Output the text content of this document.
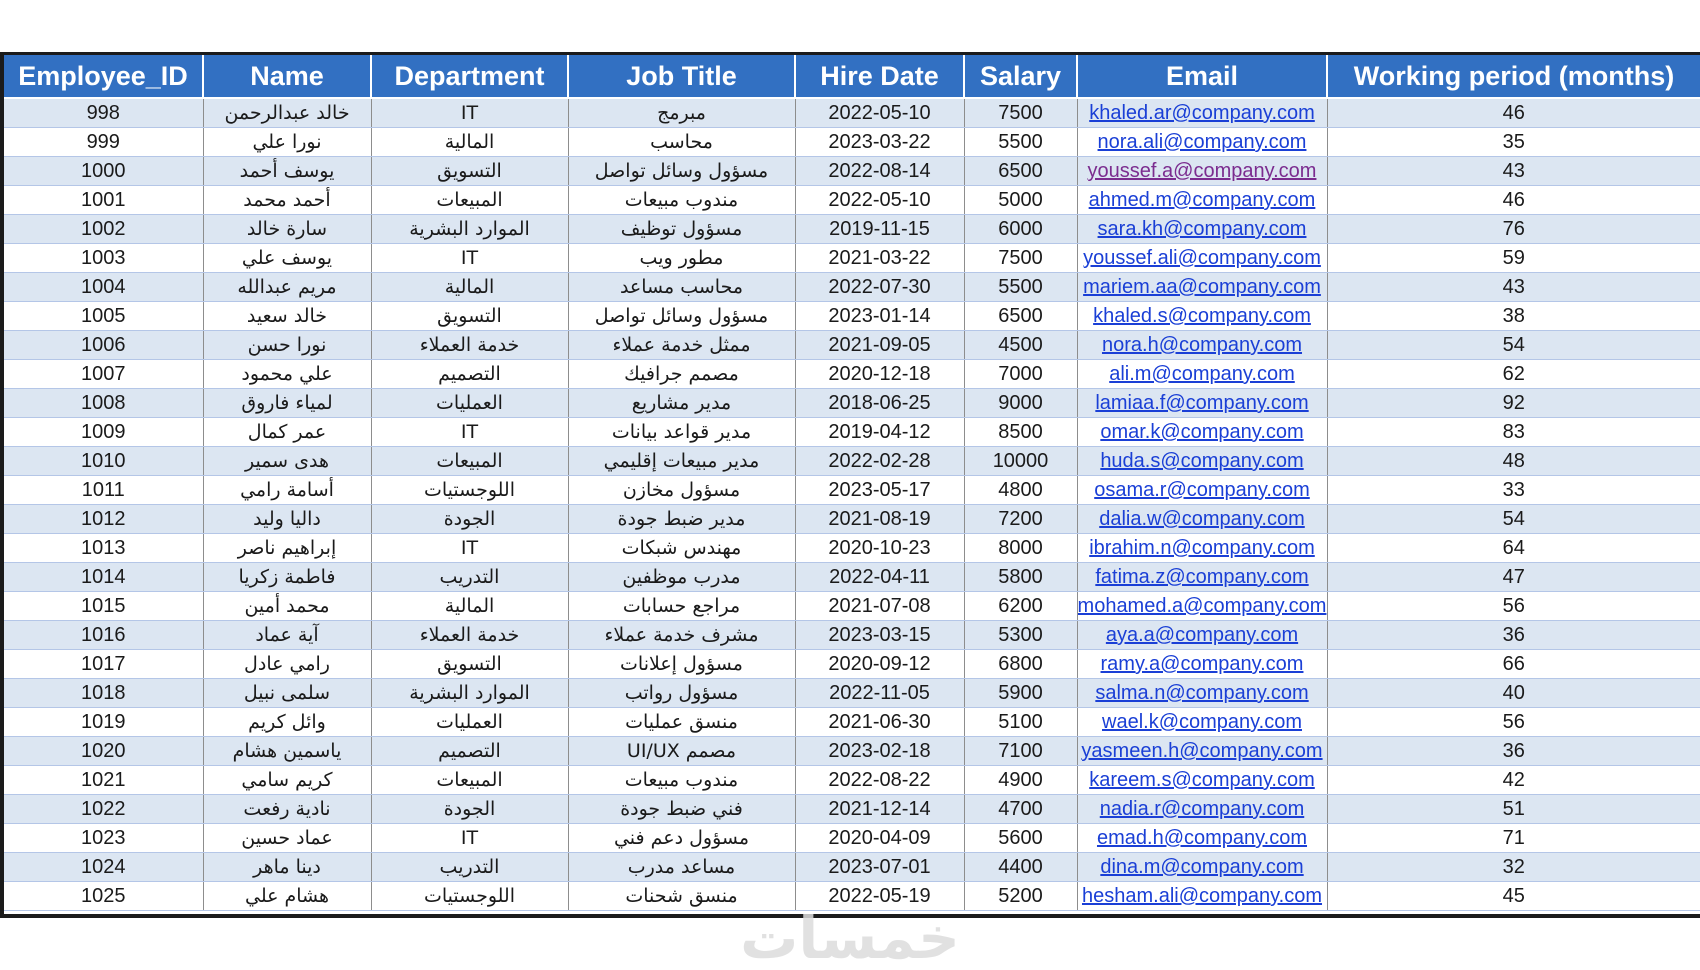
Employee_ID	Name	Department	Job Title	Hire Date	Salary	Email	Working period (months)
998	خالد عبدالرحمن	IT	مبرمج	2022-05-10	7500	khaled.ar@company.com	46
999	نورا علي	المالية	محاسب	2023-03-22	5500	nora.ali@company.com	35
1000	يوسف أحمد	التسويق	مسؤول وسائل تواصل	2022-08-14	6500	youssef.a@company.com	43
1001	أحمد محمد	المبيعات	مندوب مبيعات	2022-05-10	5000	ahmed.m@company.com	46
1002	سارة خالد	الموارد البشرية	مسؤول توظيف	2019-11-15	6000	sara.kh@company.com	76
1003	يوسف علي	IT	مطور ويب	2021-03-22	7500	youssef.ali@company.com	59
1004	مريم عبدالله	المالية	محاسب مساعد	2022-07-30	5500	mariem.aa@company.com	43
1005	خالد سعيد	التسويق	مسؤول وسائل تواصل	2023-01-14	6500	khaled.s@company.com	38
1006	نورا حسن	خدمة العملاء	ممثل خدمة عملاء	2021-09-05	4500	nora.h@company.com	54
1007	علي محمود	التصميم	مصمم جرافيك	2020-12-18	7000	ali.m@company.com	62
1008	لمياء فاروق	العمليات	مدير مشاريع	2018-06-25	9000	lamiaa.f@company.com	92
1009	عمر كمال	IT	مدير قواعد بيانات	2019-04-12	8500	omar.k@company.com	83
1010	هدى سمير	المبيعات	مدير مبيعات إقليمي	2022-02-28	10000	huda.s@company.com	48
1011	أسامة رامي	اللوجستيات	مسؤول مخازن	2023-05-17	4800	osama.r@company.com	33
1012	داليا وليد	الجودة	مدير ضبط جودة	2021-08-19	7200	dalia.w@company.com	54
1013	إبراهيم ناصر	IT	مهندس شبكات	2020-10-23	8000	ibrahim.n@company.com	64
1014	فاطمة زكريا	التدريب	مدرب موظفين	2022-04-11	5800	fatima.z@company.com	47
1015	محمد أمين	المالية	مراجع حسابات	2021-07-08	6200	mohamed.a@company.com	56
1016	آية عماد	خدمة العملاء	مشرف خدمة عملاء	2023-03-15	5300	aya.a@company.com	36
1017	رامي عادل	التسويق	مسؤول إعلانات	2020-09-12	6800	ramy.a@company.com	66
1018	سلمى نبيل	الموارد البشرية	مسؤول رواتب	2022-11-05	5900	salma.n@company.com	40
1019	وائل كريم	العمليات	منسق عمليات	2021-06-30	5100	wael.k@company.com	56
1020	ياسمين هشام	التصميم	مصمم UI/UX	2023-02-18	7100	yasmeen.h@company.com	36
1021	كريم سامي	المبيعات	مندوب مبيعات	2022-08-22	4900	kareem.s@company.com	42
1022	نادية رفعت	الجودة	فني ضبط جودة	2021-12-14	4700	nadia.r@company.com	51
1023	عماد حسين	IT	مسؤول دعم فني	2020-04-09	5600	emad.h@company.com	71
1024	دينا ماهر	التدريب	مساعد مدرب	2023-07-01	4400	dina.m@company.com	32
1025	هشام علي	اللوجستيات	منسق شحنات	2022-05-19	5200	hesham.ali@company.com	45
خمسات
